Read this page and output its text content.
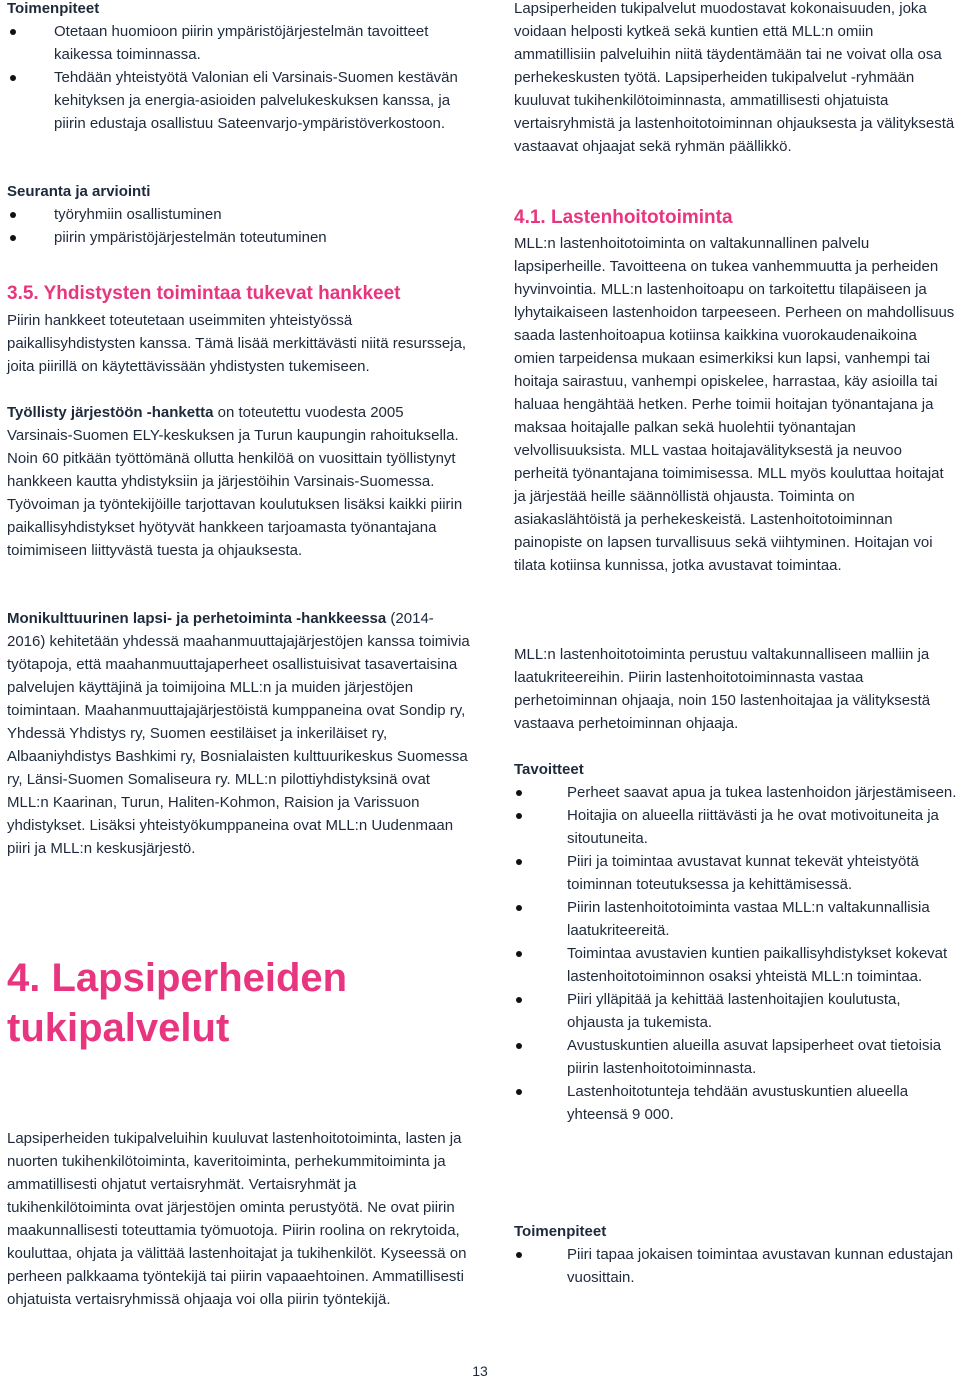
Toimenpiteet
Otetaan huomioon piirin ympäristöjärjestelmän tavoitteet kaikessa toiminnassa.
Tehdään yhteistyötä Valonian eli Varsinais-Suomen kestävän kehityksen ja energia-asioiden palvelukeskuksen kanssa, ja piirin edustaja osallistuu Sateenvarjo-ympäristöverkostoon.
Seuranta ja arviointi
työryhmiin osallistuminen
piirin ympäristöjärjestelmän toteutuminen
3.5. Yhdistysten toimintaa tukevat hankkeet

Piirin hankkeet toteutetaan useimmiten yhteistyössä paikallisyhdistysten kanssa. Tämä lisää merkittävästi niitä resursseja, joita piirillä on käytettävissään yhdistysten tukemiseen.

Työllisty järjestöön -hanketta on toteutettu vuodesta 2005 Varsinais-Suomen ELY-keskuksen ja Turun kaupungin rahoituksella. Noin 60 pitkään työttömänä ollutta henkilöä on vuosittain työllistynyt hankkeen kautta yhdistyksiin ja järjestöihin Varsinais-Suomessa. Työvoiman ja työntekijöille tarjottavan koulutuksen lisäksi kaikki piirin paikallisyhdistykset hyötyvät hankkeen tarjoamasta työnantajana toimimiseen liittyvästä tuesta ja ohjauksesta.

Monikulttuurinen lapsi- ja perhetoiminta -hankkeessa (2014-2016) kehitetään yhdessä maahanmuuttajajärjestöjen kanssa toimivia työtapoja, että maahanmuuttajaperheet osallistuisivat tasavertaisina palvelujen käyttäjinä ja toimijoina MLL:n ja muiden järjestöjen toimintaan. Maahanmuuttajajärjestöistä kumppaneina ovat Sondip ry, Yhdessä Yhdistys ry, Suomen eestiläiset ja inkeriläiset ry, Albaaniyhdistys Bashkimi ry, Bosnialaisten kulttuurikeskus Suomessa ry, Länsi-Suomen Somaliseura ry. MLL:n pilottiyhdistyksinä ovat MLL:n Kaarinan, Turun, Haliten-Kohmon, Raision ja Varissuon yhdistykset. Lisäksi yhteistyökumppaneina ovat MLL:n Uudenmaan piiri ja MLL:n keskusjärjestö.

4. Lapsiperheiden tukipalvelut

Lapsiperheiden tukipalveluihin kuuluvat lastenhoitotoiminta, lasten ja nuorten tukihenkilötoiminta, kaveritoiminta, perhekummitoiminta ja ammatillisesti ohjatut vertaisryhmät. Vertaisryhmät ja tukihenkilötoiminta ovat järjestöjen ominta perustyötä. Ne ovat piirin maakunnallisesti toteuttamia työmuotoja. Piirin roolina on rekrytoida, kouluttaa, ohjata ja välittää lastenhoitajat ja tukihenkilöt. Kyseessä on perheen palkkaama työntekijä tai piirin vapaaehtoinen. Ammatillisesti ohjatuista vertaisryhmissä ohjaaja voi olla piirin työntekijä.

Lapsiperheiden tukipalvelut muodostavat kokonaisuuden, joka voidaan helposti kytkeä sekä kuntien että MLL:n omiin ammatillisiin palveluihin niitä täydentämään tai ne voivat olla osa perhekeskusten työtä. Lapsiperheiden tukipalvelut -ryhmään kuuluvat tukihenkilötoiminnasta, ammatillisesti ohjatuista vertaisryhmistä ja lastenhoitotoiminnan ohjauksesta ja välityksestä vastaavat ohjaajat sekä ryhmän päällikkö.

4.1. Lastenhoitotoiminta

MLL:n lastenhoitotoiminta on valtakunnallinen palvelu lapsiperheille. Tavoitteena on tukea vanhemmuutta ja perheiden hyvinvointia. MLL:n lastenhoitoapu on tarkoitettu tilapäiseen ja lyhytaikaiseen lastenhoidon tarpeeseen. Perheen on mahdollisuus saada lastenhoitoapua kotiinsa kaikkina vuorokaudenaikoina omien tarpeidensa mukaan esimerkiksi kun lapsi, vanhempi tai hoitaja sairastuu, vanhempi opiskelee, harrastaa, käy asioilla tai haluaa hengähtää hetken. Perhe toimii hoitajan työnantajana ja maksaa hoitajalle palkan sekä huolehtii työnantajan velvollisuuksista. MLL vastaa hoitajavälityksestä ja neuvoo perheitä työnantajana toimimisessa. MLL myös kouluttaa hoitajat ja järjestää heille säännöllistä ohjausta. Toiminta on asiakaslähtöistä ja perhekeskeistä. Lastenhoitotoiminnan painopiste on lapsen turvallisuus sekä viihtyminen. Hoitajan voi tilata kotiinsa kunnissa, jotka avustavat toimintaa.

MLL:n lastenhoitotoiminta perustuu valtakunnalliseen malliin ja laatukriteereihin. Piirin lastenhoitotoiminnasta vastaa perhetoiminnan ohjaaja, noin 150 lastenhoitajaa ja välityksestä vastaava perhetoiminnan ohjaaja.

Tavoitteet
Perheet saavat apua ja tukea lastenhoidon järjestämiseen.
Hoitajia on alueella riittävästi ja he ovat motivoituneita ja sitoutuneita.
Piiri ja toimintaa avustavat kunnat tekevät yhteistyötä toiminnan toteutuksessa ja kehittämisessä.
Piirin lastenhoitotoiminta vastaa MLL:n valtakunnallisia laatukriteereitä.
Toimintaa avustavien kuntien paikallisyhdistykset kokevat lastenhoitotoiminnon osaksi yhteistä MLL:n toimintaa.
Piiri ylläpitää ja kehittää lastenhoitajien koulutusta, ohjausta ja tukemista.
Avustuskuntien alueilla asuvat lapsiperheet ovat tietoisia piirin lastenhoitotoiminnasta.
Lastenhoitotunteja tehdään avustuskuntien alueella yhteensä 9 000.
Toimenpiteet
Piiri tapaa jokaisen toimintaa avustavan kunnan edustajan vuosittain.
13
